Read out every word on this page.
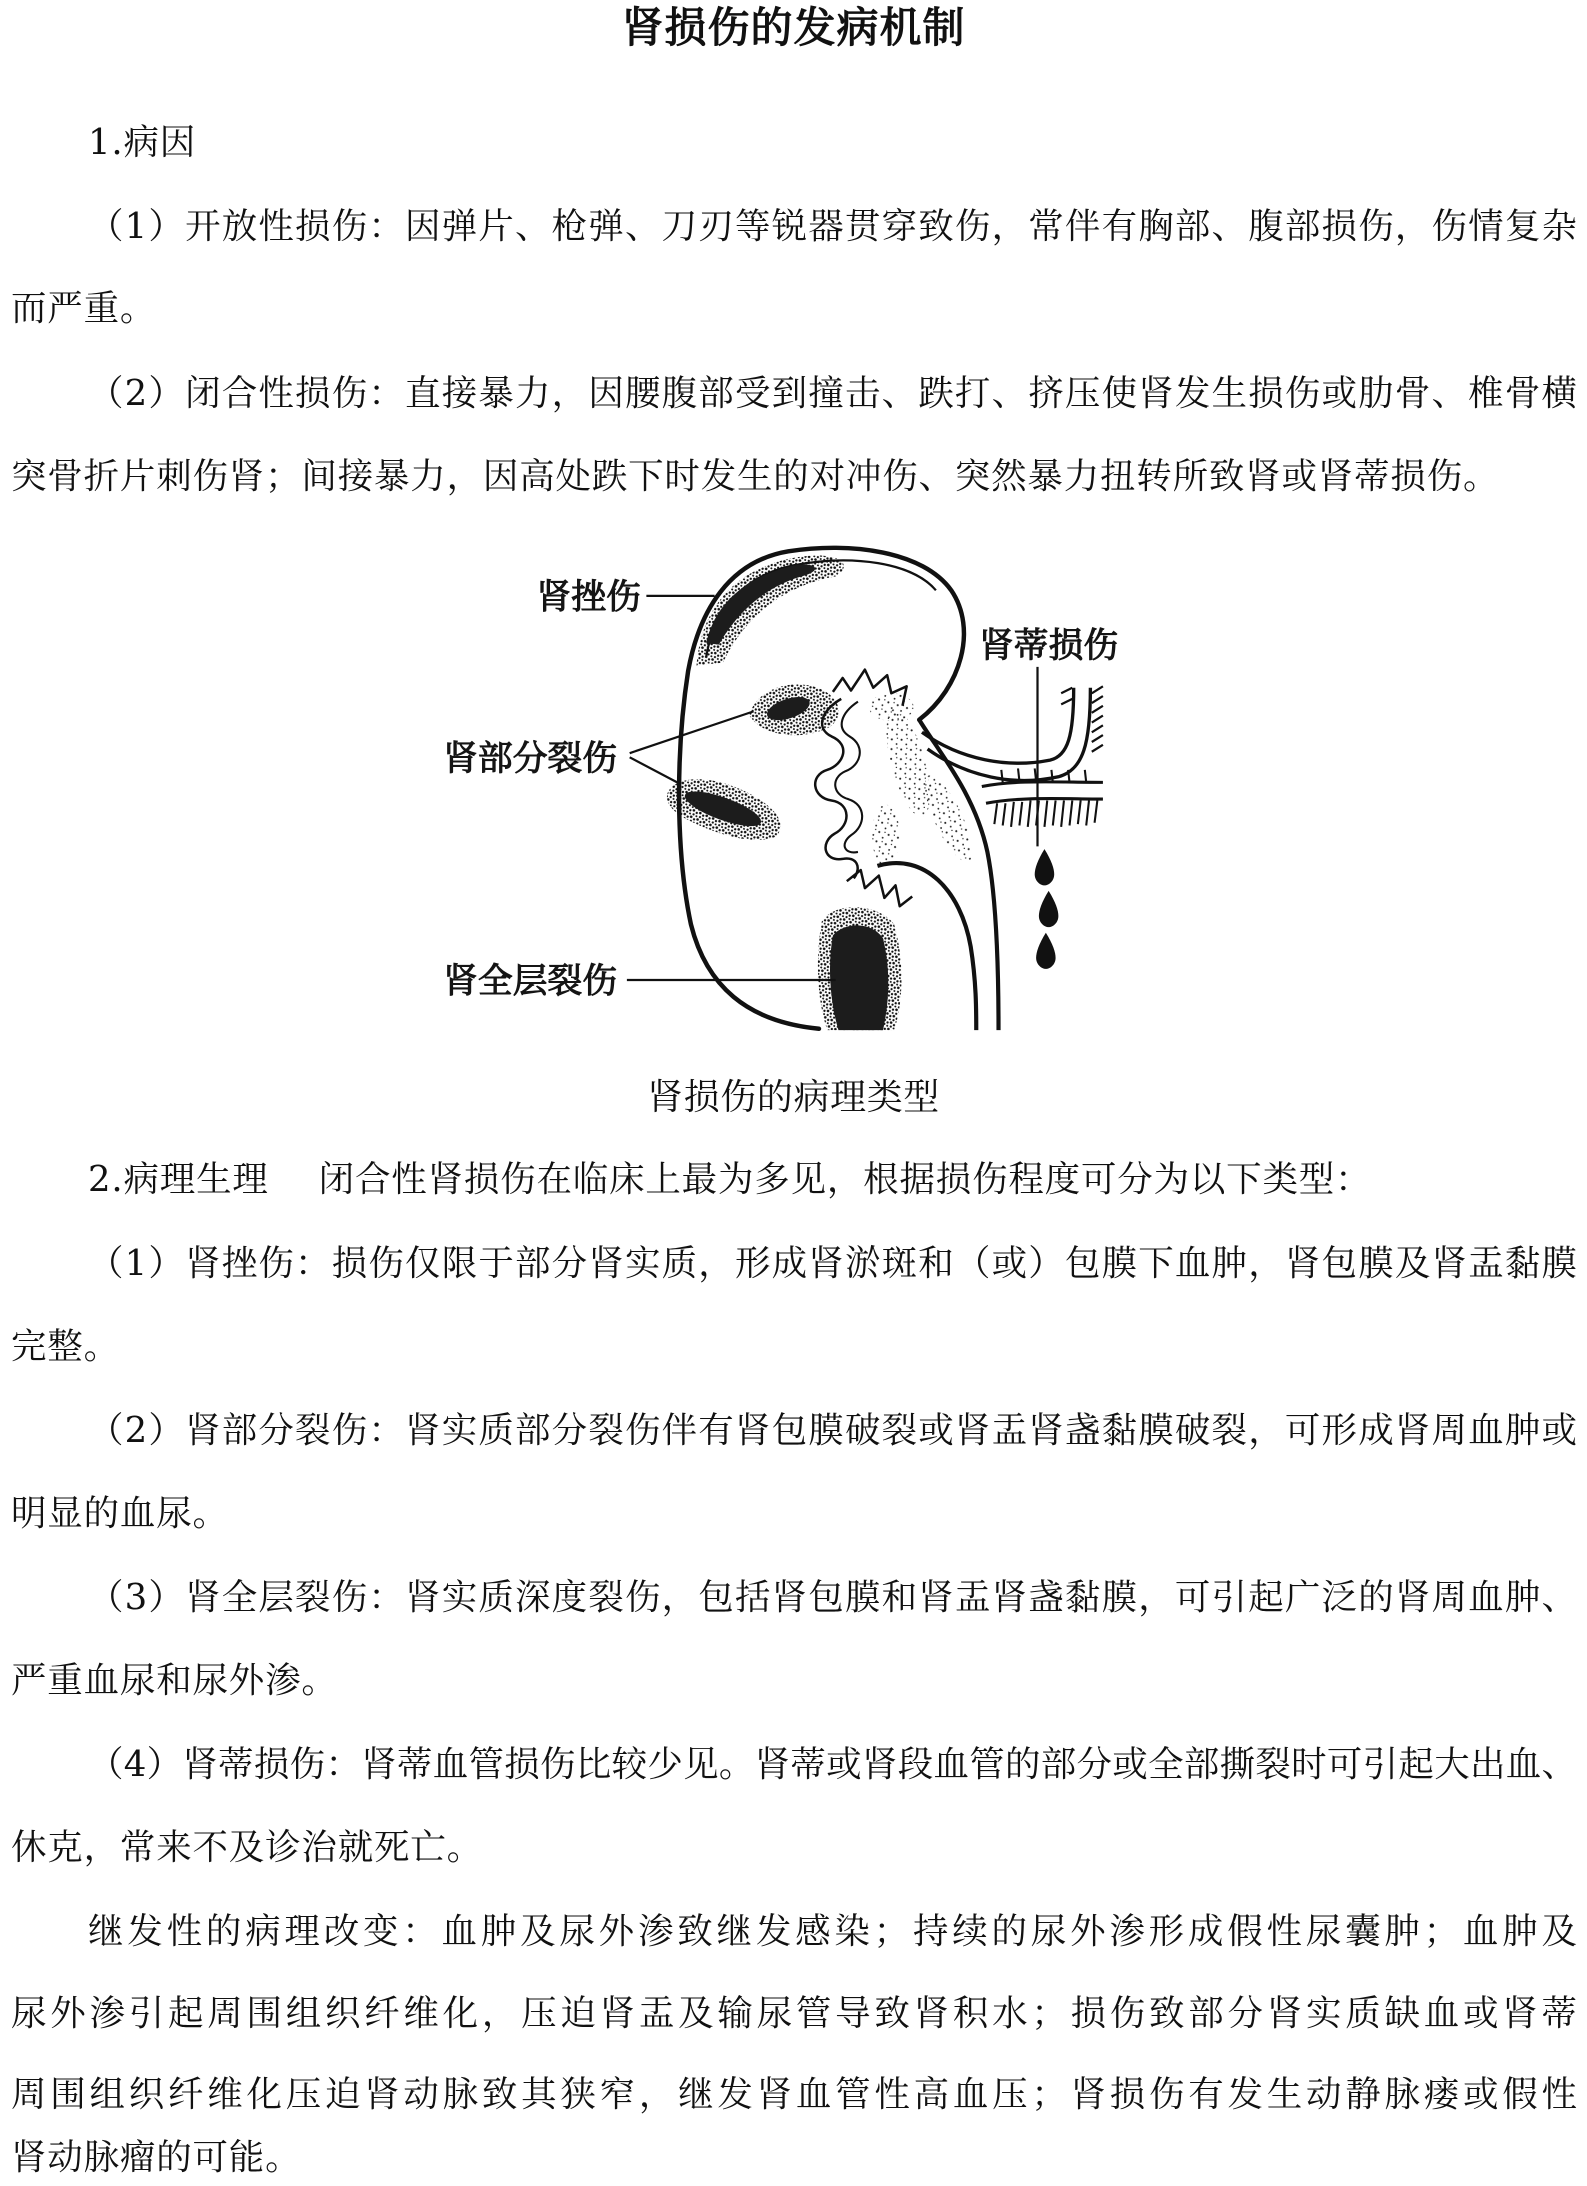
肾损伤的发病机制
1.病因
（1）开放性损伤：因弹片、枪弹、刀刃等锐器贯穿致伤，常伴有胸部、腹部损伤，伤情复杂
而严重。
（2）闭合性损伤：直接暴力，因腰腹部受到撞击、跌打、挤压使肾发生损伤或肋骨、椎骨横
突骨折片刺伤肾；间接暴力，因高处跌下时发生的对冲伤、突然暴力扭转所致肾或肾蒂损伤。
肾挫伤
肾蒂损伤
肾部分裂伤
肾全层裂伤
肾损伤的病理类型
2.病理生理 闭合性肾损伤在临床上最为多见，根据损伤程度可分为以下类型：
（1）肾挫伤：损伤仅限于部分肾实质，形成肾淤斑和（或）包膜下血肿，肾包膜及肾盂黏膜
完整。
（2）肾部分裂伤：肾实质部分裂伤伴有肾包膜破裂或肾盂肾盏黏膜破裂，可形成肾周血肿或
明显的血尿。
（3）肾全层裂伤：肾实质深度裂伤，包括肾包膜和肾盂肾盏黏膜，可引起广泛的肾周血肿、
严重血尿和尿外渗。
（4）肾蒂损伤：肾蒂血管损伤比较少见。肾蒂或肾段血管的部分或全部撕裂时可引起大出血、
休克，常来不及诊治就死亡。
继发性的病理改变：血肿及尿外渗致继发感染；持续的尿外渗形成假性尿囊肿；血肿及
尿外渗引起周围组织纤维化，压迫肾盂及输尿管导致肾积水；损伤致部分肾实质缺血或肾蒂
周围组织纤维化压迫肾动脉致其狭窄，继发肾血管性高血压；肾损伤有发生动静脉瘘或假性
肾动脉瘤的可能。
